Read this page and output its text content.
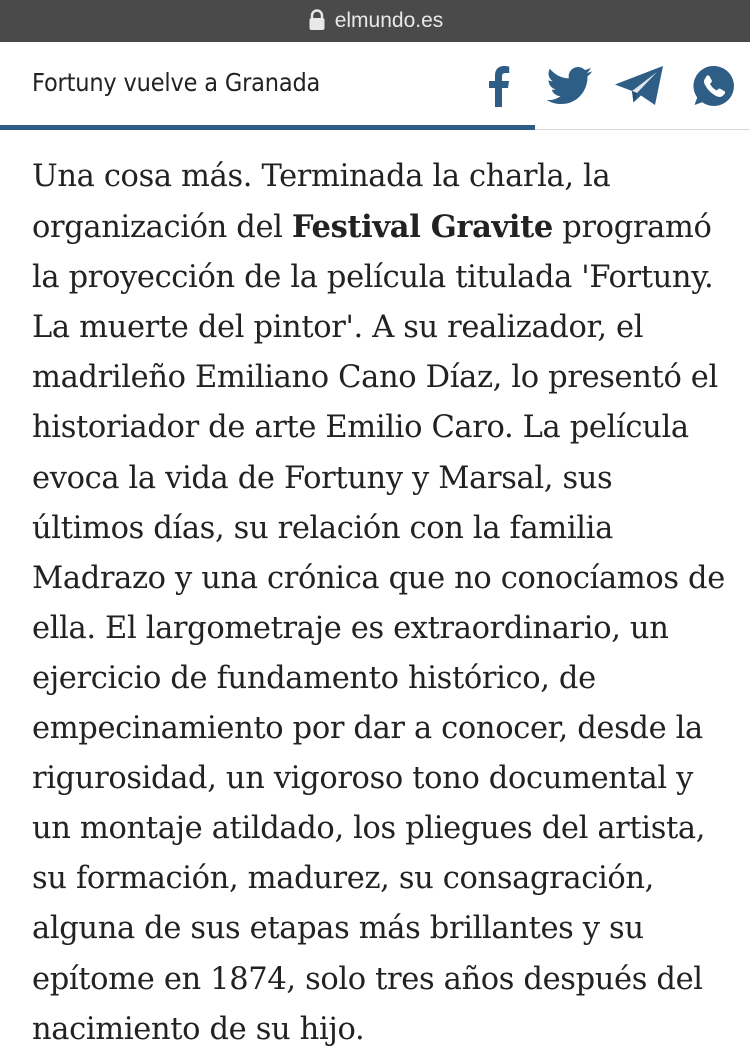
elmundo.es
Fortuny vuelve a Granada

Una cosa más. Terminada la charla, la
organización del Festival Gravite programó
la proyección de la película titulada 'Fortuny.
La muerte del pintor'. A su realizador, el
madrileño Emiliano Cano Díaz, lo presentó el
historiador de arte Emilio Caro. La película
evoca la vida de Fortuny y Marsal, sus
últimos días, su relación con la familia
Madrazo y una crónica que no conocíamos de
ella. El largometraje es extraordinario, un
ejercicio de fundamento histórico, de
empecinamiento por dar a conocer, desde la
rigurosidad, un vigoroso tono documental y
un montaje atildado, los pliegues del artista,
su formación, madurez, su consagración,
alguna de sus etapas más brillantes y su
epítome en 1874, solo tres años después del
nacimiento de su hijo.
